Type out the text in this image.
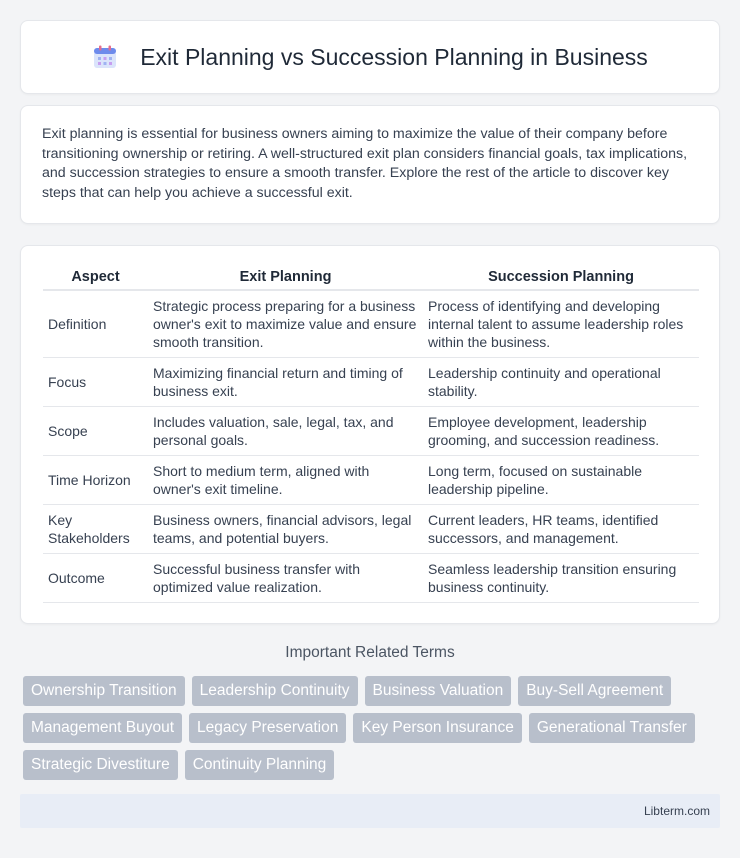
Exit Planning vs Succession Planning in Business

Exit planning is essential for business owners aiming to maximize the value of their company before transitioning ownership or retiring. A well-structured exit plan considers financial goals, tax implications, and succession strategies to ensure a smooth transfer. Explore the rest of the article to discover key steps that can help you achieve a successful exit.

Aspect	Exit Planning	Succession Planning
Definition	Strategic process preparing for a business owner's exit to maximize value and ensure smooth transition.	Process of identifying and developing internal talent to assume leadership roles within the business.
Focus	Maximizing financial return and timing of business exit.	Leadership continuity and operational stability.
Scope	Includes valuation, sale, legal, tax, and personal goals.	Employee development, leadership grooming, and succession readiness.
Time Horizon	Short to medium term, aligned with owner's exit timeline.	Long term, focused on sustainable leadership pipeline.
Key Stakeholders	Business owners, financial advisors, legal teams, and potential buyers.	Current leaders, HR teams, identified successors, and management.
Outcome	Successful business transfer with optimized value realization.	Seamless leadership transition ensuring business continuity.
Important Related Terms
Ownership Transition	Leadership Continuity	Business Valuation	Buy-Sell Agreement
Management Buyout	Legacy Preservation	Key Person Insurance	Generational Transfer
Strategic Divestiture	Continuity Planning
Libterm.com
